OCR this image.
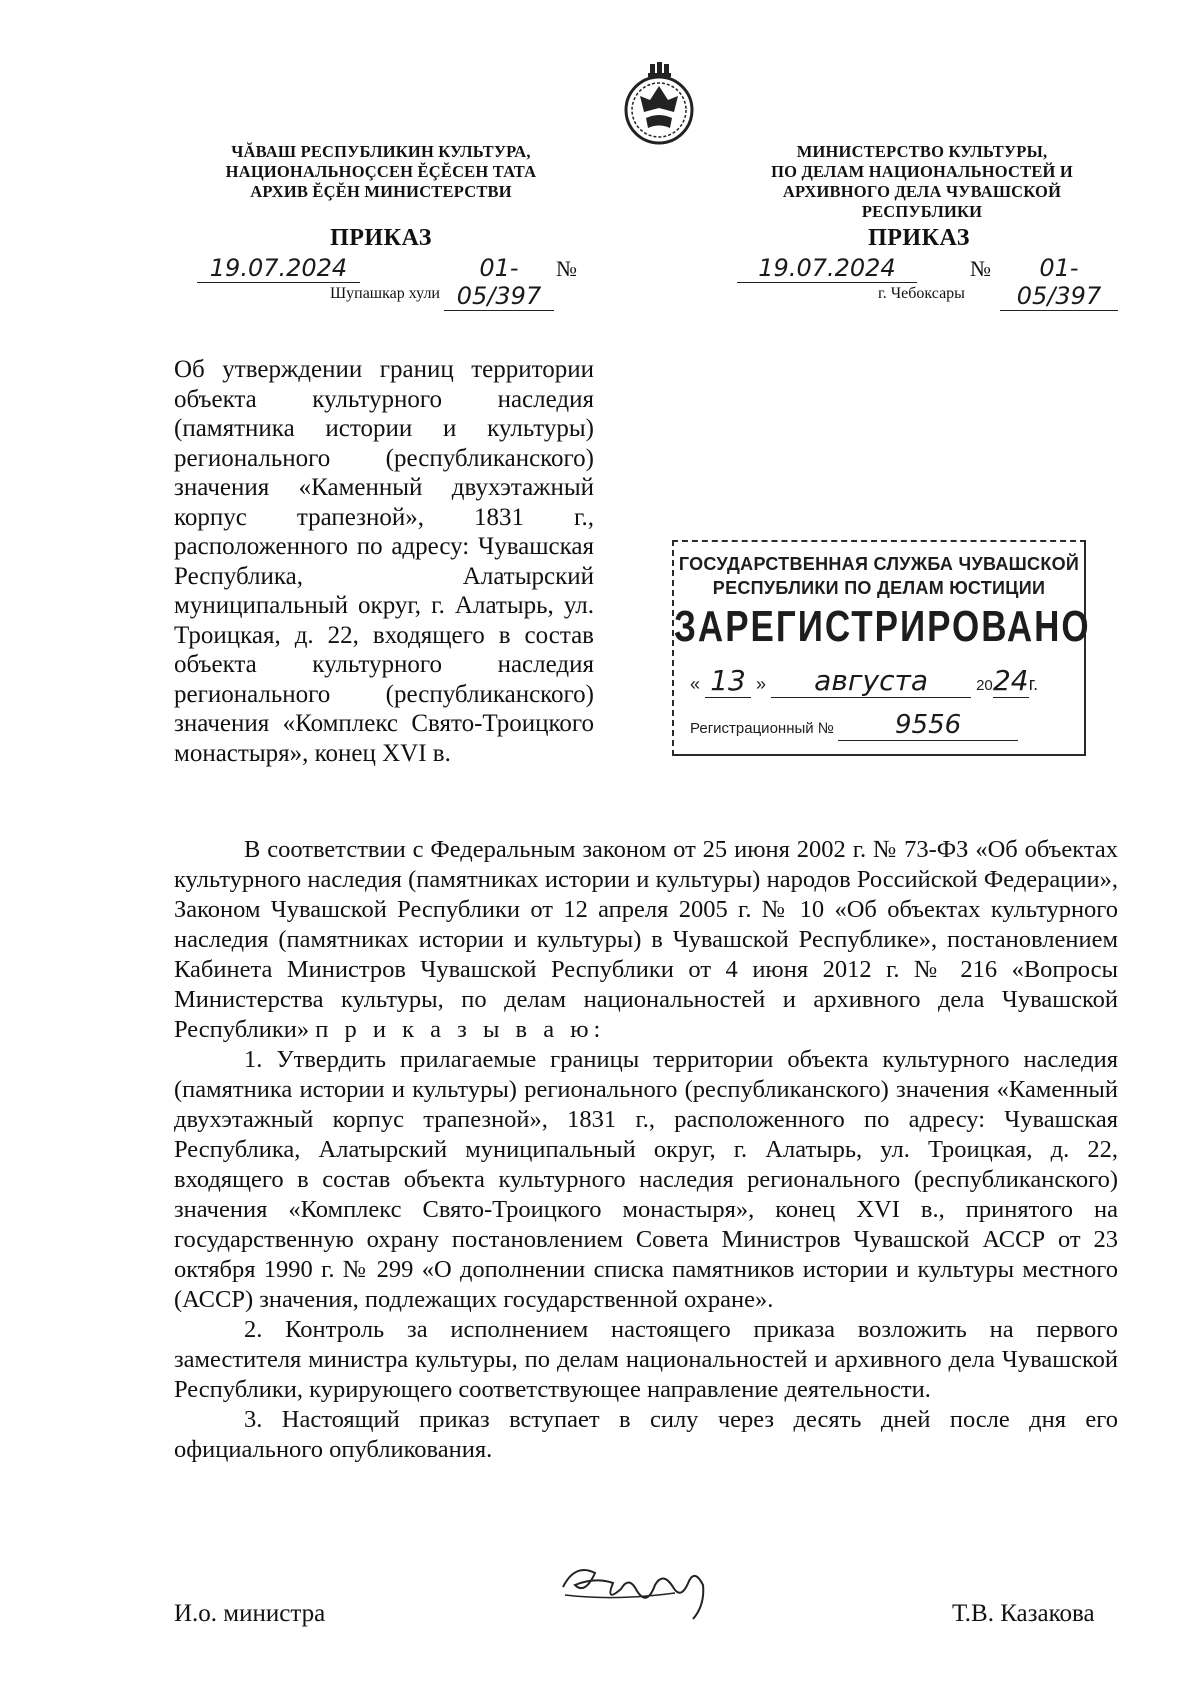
ЧĂВАШ РЕСПУБЛИКИН КУЛЬТУРА,
НАЦИОНАЛЬНОÇСЕН ĔÇĔСЕН ТАТА
АРХИВ ĔÇĔН МИНИСТЕРСТВИ
ПРИКАЗ
19.07.2024	01-05/397
№
Шупашкар хули
МИНИСТЕРСТВО КУЛЬТУРЫ,
ПО ДЕЛАМ НАЦИОНАЛЬНОСТЕЙ И
АРХИВНОГО ДЕЛА ЧУВАШСКОЙ РЕСПУБЛИКИ
ПРИКАЗ
19.07.2024	№	01-05/397
г. Чебоксары
Об утверждении границ территории объекта культурного наследия (памятника истории и культуры) регионального (республиканского) значения «Каменный двухэтажный корпус трапезной», 1831 г., расположенного по адресу: Чувашская Республика, Алатырский муниципальный округ, г. Алатырь, ул. Троицкая, д. 22, входящего в состав объекта культурного наследия регионального (республиканского) значения «Комплекс Свято-Троицкого монастыря», конец XVI в.
ГОСУДАРСТВЕННАЯ СЛУЖБА ЧУВАШСКОЙ
РЕСПУБЛИКИ ПО ДЕЛАМ ЮСТИЦИИ
ЗАРЕГИСТРИРОВАНО
« 13 » августа	2024г.
Регистрационный № 9556

В соответствии с Федеральным законом от 25 июня 2002 г. № 73-ФЗ «Об объектах культурного наследия (памятниках истории и культуры) народов Российской Федерации», Законом Чувашской Республики от 12 апреля 2005 г. № 10 «Об объектах культурного наследия (памятниках истории и культуры) в Чувашской Республике», постановлением Кабинета Министров Чувашской Республики от 4 июня 2012 г. № 216 «Вопросы Министерства культуры, по делам национальностей и архивного дела Чувашской Республики» п р и к а з ы в а ю:

1. Утвердить прилагаемые границы территории объекта культурного наследия (памятника истории и культуры) регионального (республиканского) значения «Каменный двухэтажный корпус трапезной», 1831 г., расположенного по адресу: Чувашская Республика, Алатырский муниципальный округ, г. Алатырь, ул. Троицкая, д. 22, входящего в состав объекта культурного наследия регионального (республиканского) значения «Комплекс Свято-Троицкого монастыря», конец XVI в., принятого на государственную охрану постановлением Совета Министров Чувашской АССР от 23 октября 1990 г. № 299 «О дополнении списка памятников истории и культуры местного (АССР) значения, подлежащих государственной охране».

2. Контроль за исполнением настоящего приказа возложить на первого заместителя министра культуры, по делам национальностей и архивного дела Чувашской Республики, курирующего соответствующее направление деятельности.

3. Настоящий приказ вступает в силу через десять дней после дня его официального опубликования.

И.о. министра	Т.В. Казакова
